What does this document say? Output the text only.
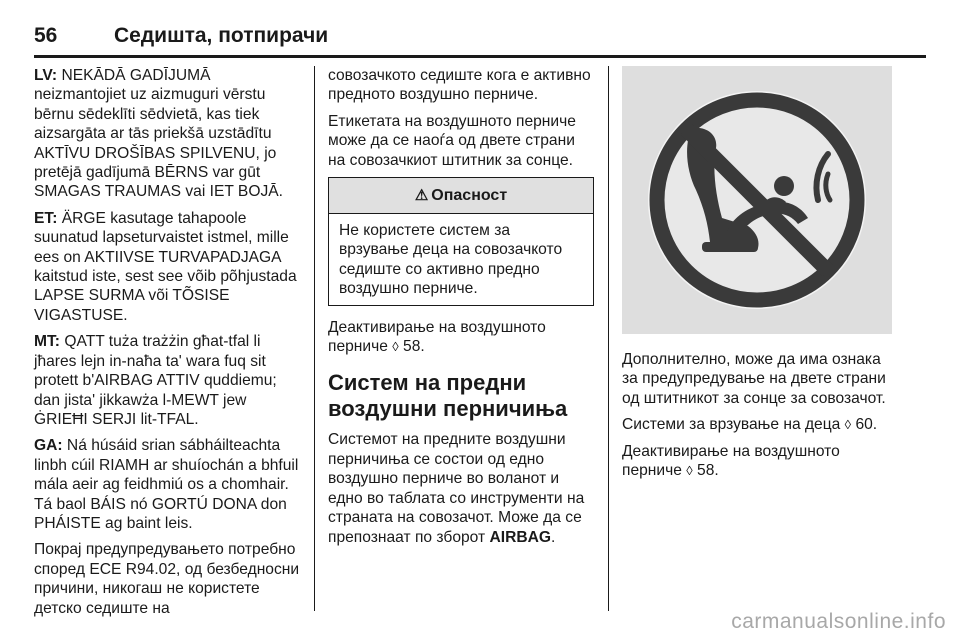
56	Седишта, потпирачи

LV: NEKĀDĀ GADĪJUMĀ neizmantojiet uz aizmuguri vērstu bērnu sēdeklīti sēdvietā, kas tiek aizsargāta ar tās priekšā uzstādītu AKTĪVU DROŠĪBAS SPILVENU, jo pretējā gadījumā BĒRNS var gūt SMAGAS TRAUMAS vai IET BOJĀ.

ET: ÄRGE kasutage tahapoole suunatud lapseturvaistet istmel, mille ees on AKTIIVSE TURVAPADJAGA kaitstud iste, sest see võib põhjustada LAPSE SURMA või TÕSISE VIGASTUSE.

MT: QATT tuża trażżin għat-tfal li jħares lejn in-naħa ta' wara fuq sit protett b'AIRBAG ATTIV quddiemu; dan jista' jikkawża l-MEWT jew ĠRIEĦI SERJI lit-TFAL.

GA: Ná húsáid srian sábháilteachta linbh cúil RIAMH ar shuíochán a bhfuil mála aeir ag feidhmiú os a chomhair. Tá baol BÁIS nó GORTÚ DONA don PHÁISTE ag baint leis.

Покрај предупредувањето потребно според ECE R94.02, од безбедносни причини, никогаш не користете детско седиште на

совозачкото седиште кога е активно предното воздушно перниче.

Етикетата на воздушното перниче може да се наоѓа од двете страни на совозачкиот штитник за сонце.

⚠ Опасност
Не користете систем за врзување деца на совозачкото седиште со активно предно воздушно перниче.

Деактивирање на воздушното перниче ◊ 58.

Систем на предни воздушни перничиња

Системот на предните воздушни перничиња се состои од едно воздушно перниче во воланот и едно во таблата со инструменти на страната на совозачот. Може да се препознаат по зборот AIRBAG.

Дополнително, може да има ознака за предупредување на двете страни од штитникот за сонце за совозачот.

Системи за врзување на деца ◊ 60.

Деактивирање на воздушното перниче ◊ 58.

carmanualsonline.info
